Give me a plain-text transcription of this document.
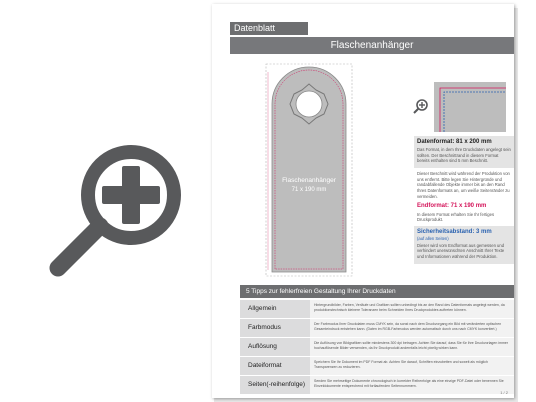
Datenblatt
Flaschenanhänger
Flaschenanhänger
71 x 190 mm
Datenformat: 81 x 200 mm

Das Format, in dem Ihre Druckdaten angelegt sein sollten. Der Beschnittrand in diesem Format bereits enthalten sind 5 mm Beschnitt.

Dieser Beschnitt wird während der Produktion von uns entfernt. Bitte legen Sie Hintergründe und randabfallende Objekte immer bis an den Rand Ihres Datenformats an, um weiße Seitenränder zu vermeiden.

Endformat: 71 x 190 mm

In diesem Format erhalten Sie Ihr fertiges Druckprodukt.

Sicherheitsabstand: 3 mm
(auf allen Seiten)

Dieser wird vom Endformat aus gemessen und verhindert unerwünschten Anschnitt Ihrer Texte und Informationen während der Produktion.

5 Tipps zur fehlerfreien Gestaltung Ihrer Druckdaten
Allgemein	Hintergrundbilder, Farben, Verläufe und Grafiken sollten unbedingt bis an den Rand des Datenformats angelegt werden, da produktionstechnisch kleinere Toleranzen beim Schneiden Ihres Druckproduktes auftreten können.
Farbmodus	Der Farbmodus Ihrer Druckdaten muss CMYK sein, da sonst nach dem Druckvorgang ein Bild mit veränderten optischen Gesamteindruck entstehen kann. (Daten im RGB-Farbmodus werden automatisch durch uns nach CMYK konvertiert.)
Auflösung	Die Auflösung von Bildgrafiken sollte mindestens 300 dpi betragen. Achten Sie darauf, dass Sie für Ihre Druckvorlagen immer hochauflösende Bilder verwenden, da Ihr Druckprodukt andernfalls leicht pixelig wirken kann.
Dateiformat	Speichern Sie Ihr Dokument im PDF Format ab. Achten Sie darauf, Schriften einzubetten und soweit als möglich Transparenzen zu reduzieren.
Seiten(-reihenfolge)	Senden Sie mehrseitige Dokumente chronologisch in korrekter Reihenfolge als eine einzige PDF-Datei oder benennen Sie Einzeldokumente entsprechend mit fortlaufenden Seitennummern.
1 / 2
